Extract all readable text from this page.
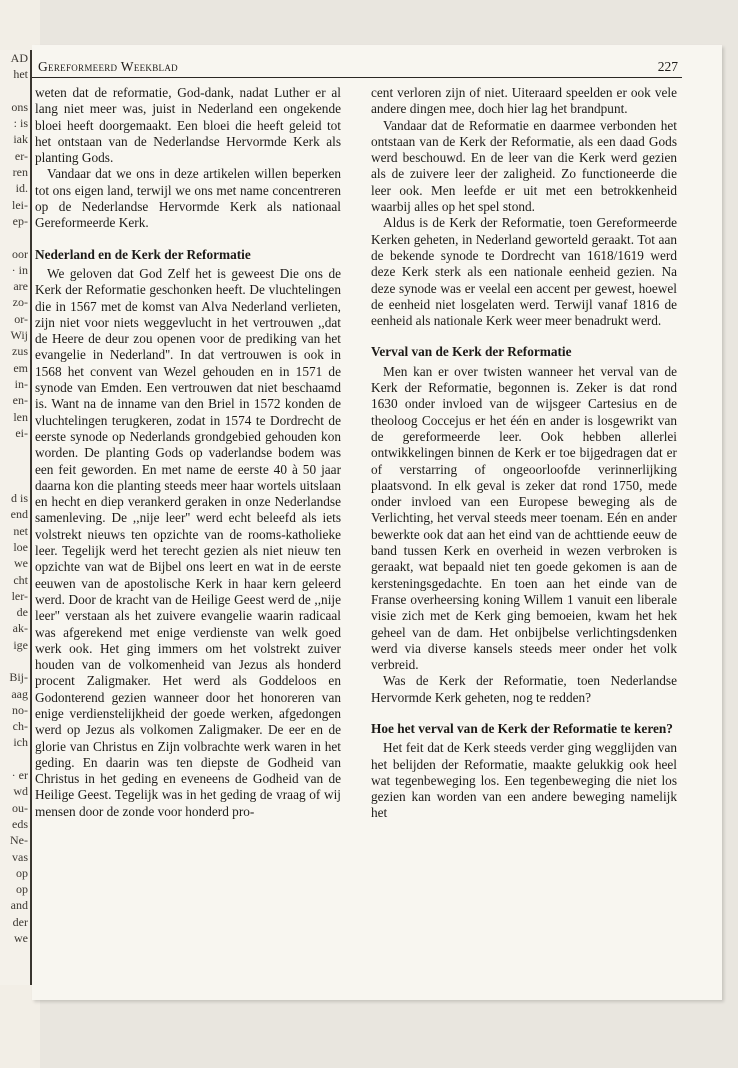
AD
het
ons
: is
iak
er-
ren
id.
lei-
ep-
oor
· in
are
zo-
or-
Wij
zus
em
in-
en-
len
ei-
d is
end
net
loe
we
cht
ler-
de
ak-
ige
Bij-
aag
no-
ch-
ich
· er
wd
ou-
eds
Ne-
vas
op
op
and
der
we
Gereformeerd Weekblad	227

weten dat de reformatie, God-dank, nadat Luther er al lang niet meer was, juist in Nederland een ongekende bloei heeft doorgemaakt. Een bloei die heeft geleid tot het ontstaan van de Nederlandse Hervormde Kerk als planting Gods.

Vandaar dat we ons in deze artikelen willen beperken tot ons eigen land, terwijl we ons met name concentreren op de Nederlandse Hervormde Kerk als nationaal Gereformeerde Kerk.

Nederland en de Kerk der Reformatie

We geloven dat God Zelf het is geweest Die ons de Kerk der Reformatie geschonken heeft. De vluchtelingen die in 1567 met de komst van Alva Nederland verlieten, zijn niet voor niets weggevlucht in het vertrouwen ,,dat de Heere de deur zou openen voor de prediking van het evangelie in Nederland''. In dat vertrouwen is ook in 1568 het convent van Wezel gehouden en in 1571 de synode van Emden. Een vertrouwen dat niet beschaamd is. Want na de inname van den Briel in 1572 konden de vluchtelingen terugkeren, zodat in 1574 te Dordrecht de eerste synode op Nederlands grondgebied gehouden kon worden. De planting Gods op vaderlandse bodem was een feit geworden. En met name de eerste 40 à 50 jaar daarna kon die planting steeds meer haar wortels uitslaan en hecht en diep verankerd geraken in onze Nederlandse samenleving. De ,,nije leer'' werd echt beleefd als iets volstrekt nieuws ten opzichte van de rooms-katholieke leer. Tegelijk werd het terecht gezien als niet nieuw ten opzichte van wat de Bijbel ons leert en wat in de eerste eeuwen van de apostolische Kerk in haar kern geleerd werd. Door de kracht van de Heilige Geest werd de ,,nije leer'' verstaan als het zuivere evangelie waarin radicaal was afgerekend met enige verdienste van welk goed werk ook. Het ging immers om het volstrekt zuiver houden van de volkomenheid van Jezus als honderd procent Zaligmaker. Het werd als Goddeloos en Godonterend gezien wanneer door het honoreren van enige verdienstelijkheid der goede werken, afgedongen werd op Jezus als volkomen Zaligmaker. De eer en de glorie van Christus en Zijn volbrachte werk waren in het geding. En daarin was ten diepste de Godheid van Christus in het geding en eveneens de Godheid van de Heilige Geest. Tegelijk was in het geding de vraag of wij mensen door de zonde voor honderd pro-

cent verloren zijn of niet. Uiteraard speelden er ook vele andere dingen mee, doch hier lag het brandpunt.

Vandaar dat de Reformatie en daarmee verbonden het ontstaan van de Kerk der Reformatie, als een daad Gods werd beschouwd. En de leer van die Kerk werd gezien als de zuivere leer der zaligheid. Zo functioneerde die leer ook. Men leefde er uit met een betrokkenheid waarbij alles op het spel stond.

Aldus is de Kerk der Reformatie, toen Gereformeerde Kerken geheten, in Nederland geworteld geraakt. Tot aan de bekende synode te Dordrecht van 1618/1619 werd deze Kerk sterk als een nationale eenheid gezien. Na deze synode was er veelal een accent per gewest, hoewel de eenheid niet losgelaten werd. Terwijl vanaf 1816 de eenheid als nationale Kerk weer meer benadrukt werd.

Verval van de Kerk der Reformatie

Men kan er over twisten wanneer het verval van de Kerk der Reformatie, begonnen is. Zeker is dat rond 1630 onder invloed van de wijsgeer Cartesius en de theoloog Coccejus er het één en ander is losgewrikt van de gereformeerde leer. Ook hebben allerlei ontwikkelingen binnen de Kerk er toe bijgedragen dat er of verstarring of ongeoorloofde verinnerlijking plaatsvond. In elk geval is zeker dat rond 1750, mede onder invloed van een Europese beweging als de Verlichting, het verval steeds meer toenam. Eén en ander bewerkte ook dat aan het eind van de achttiende eeuw de band tussen Kerk en overheid in wezen verbroken is geraakt, wat bepaald niet ten goede gekomen is aan de kersteningsgedachte. En toen aan het einde van de Franse overheersing koning Willem 1 vanuit een liberale visie zich met de Kerk ging bemoeien, kwam het hek geheel van de dam. Het onbijbelse verlichtingsdenken werd via diverse kansels steeds meer onder het volk verbreid.

Was de Kerk der Reformatie, toen Nederlandse Hervormde Kerk geheten, nog te redden?

Hoe het verval van de Kerk der Reformatie te keren?

Het feit dat de Kerk steeds verder ging wegglijden van het belijden der Reformatie, maakte gelukkig ook heel wat tegenbeweging los. Een tegenbeweging die niet los gezien kan worden van een andere beweging namelijk het
